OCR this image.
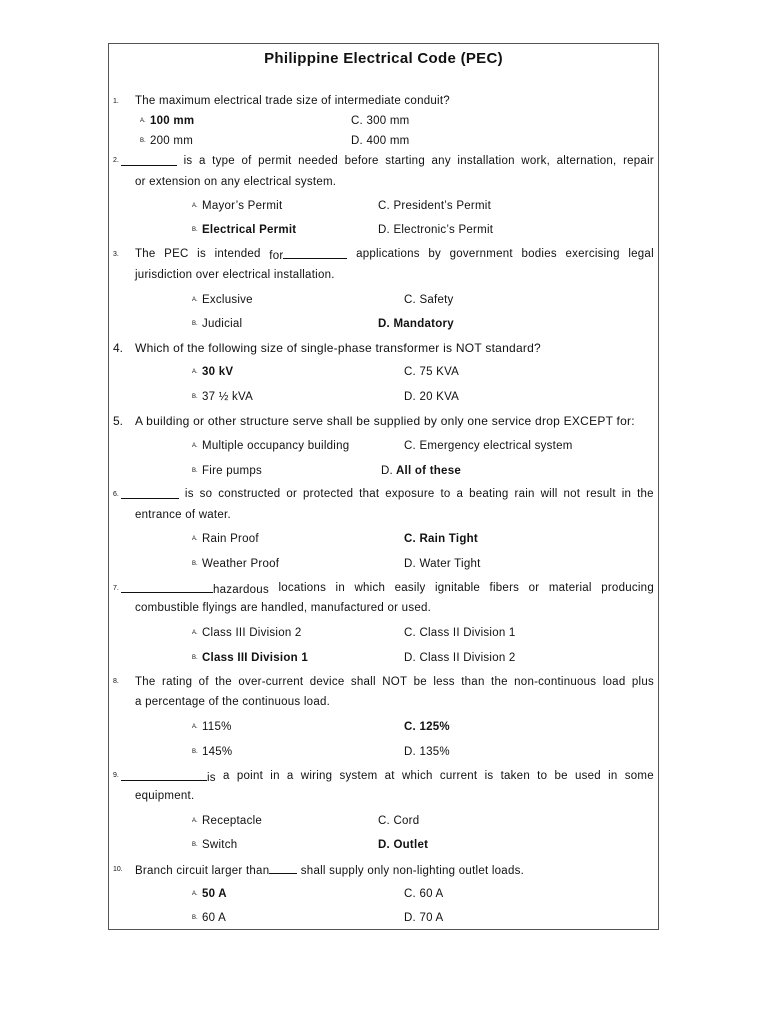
Philippine Electrical Code (PEC)
1. The maximum electrical trade size of intermediate conduit?
A. 100 mm
B. 200 mm
C. 300 mm
D. 400 mm
2.	is a type of permit needed before starting any installation work, alternation, repair
or extension on any electrical system.
A. Mayor’s Permit
B. Electrical Permit
C. President’s Permit
D. Electronic’s Permit
3. The PEC is intended for	applications by government bodies exercising legal
jurisdiction over electrical installation.
A. Exclusive
B. Judicial
C. Safety
D. Mandatory
4. Which of the following size of single-phase transformer is NOT standard?
A. 30 kV
B. 37 ½ kVA
C. 75 KVA
D. 20 KVA
5. A building or other structure serve shall be supplied by only one service drop EXCEPT for:
A. Multiple occupancy building
B. Fire pumps
C. Emergency electrical system
D. All of these
6.	is so constructed or protected that exposure to a beating rain will not result in the
entrance of water.
A. Rain Proof
B. Weather Proof
C. Rain Tight
D. Water Tight
7.	hazardous locations in which easily ignitable fibers or material producing
combustible flyings are handled, manufactured or used.
A. Class III Division 2
B. Class III Division 1
C. Class II Division 1
D. Class II Division 2
8. The rating of the over-current device shall NOT be less than the non-continuous load plus
a percentage of the continuous load.
A. 115%
B. 145%
C. 125%
D. 135%
9.	is a point in a wiring system at which current is taken to be used in some
equipment.
A. Receptacle
B. Switch
C. Cord
D. Outlet
10. Branch circuit larger than	shall supply only non-lighting outlet loads.
A. 50 A
B. 60 A
C. 60 A
D. 70 A
